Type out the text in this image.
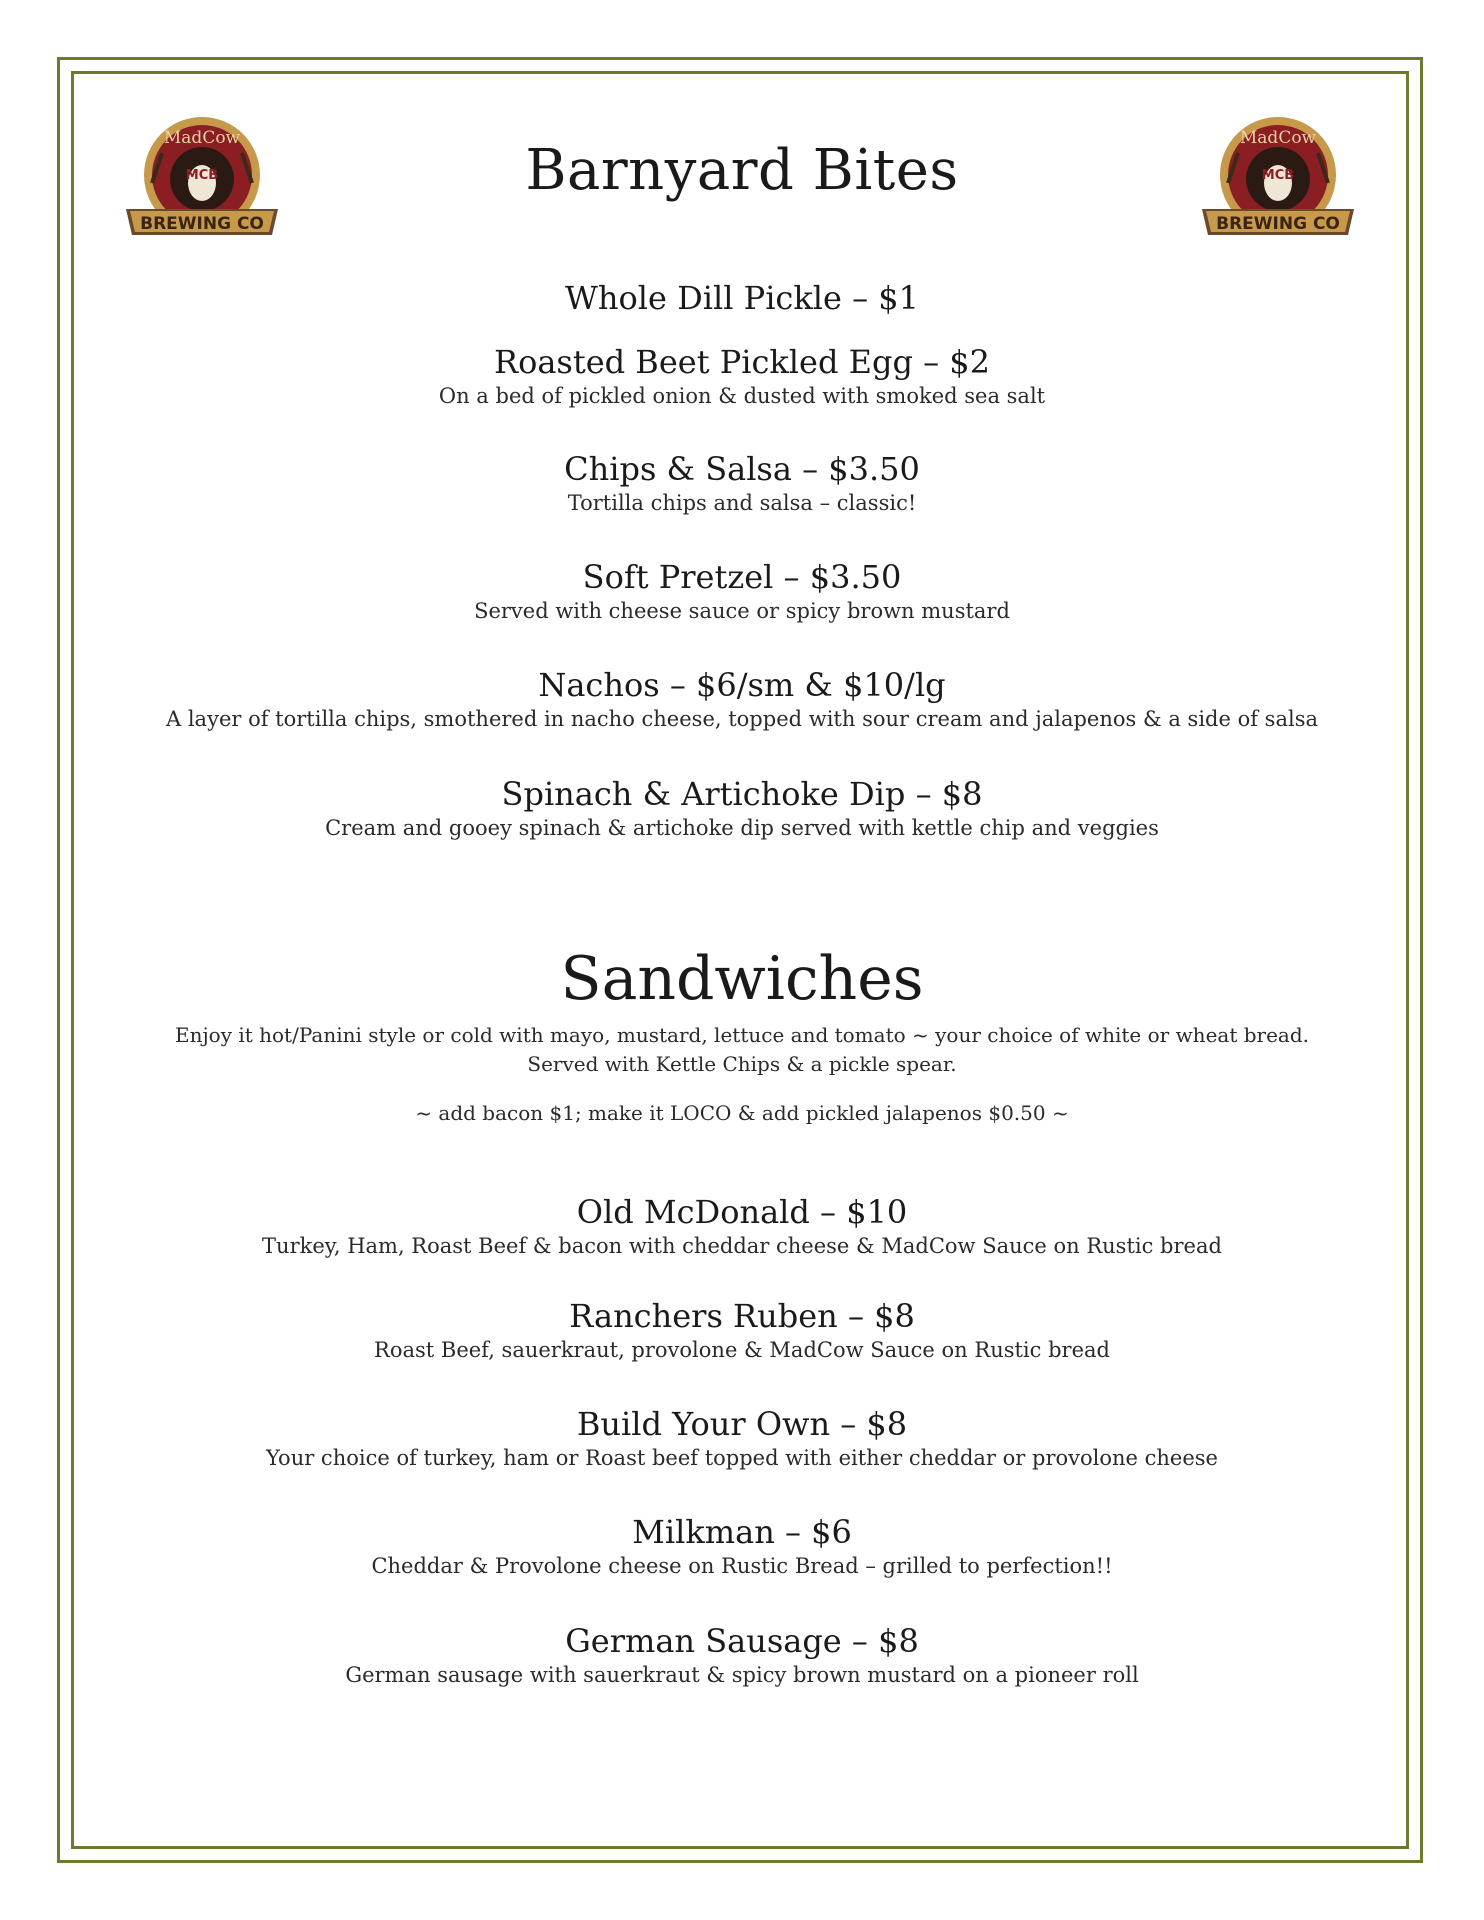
MadCow
MCB
BREWING CO
MadCow
MCB
BREWING CO
Barnyard Bites
Whole Dill Pickle – $1
Roasted Beet Pickled Egg – $2
On a bed of pickled onion & dusted with smoked sea salt
Chips & Salsa – $3.50
Tortilla chips and salsa – classic!
Soft Pretzel – $3.50
Served with cheese sauce or spicy brown mustard
Nachos – $6/sm & $10/lg
A layer of tortilla chips, smothered in nacho cheese, topped with sour cream and jalapenos & a side of salsa
Spinach & Artichoke Dip – $8
Cream and gooey spinach & artichoke dip served with kettle chip and veggies
Sandwiches
Enjoy it hot/Panini style or cold with mayo, mustard, lettuce and tomato ~ your choice of white or wheat bread.
Served with Kettle Chips & a pickle spear.
~ add bacon $1; make it LOCO & add pickled jalapenos $0.50 ~
Old McDonald – $10
Turkey, Ham, Roast Beef & bacon with cheddar cheese & MadCow Sauce on Rustic bread
Ranchers Ruben – $8
Roast Beef, sauerkraut, provolone & MadCow Sauce on Rustic bread
Build Your Own – $8
Your choice of turkey, ham or Roast beef topped with either cheddar or provolone cheese
Milkman – $6
Cheddar & Provolone cheese on Rustic Bread – grilled to perfection!!
German Sausage – $8
German sausage with sauerkraut & spicy brown mustard on a pioneer roll
